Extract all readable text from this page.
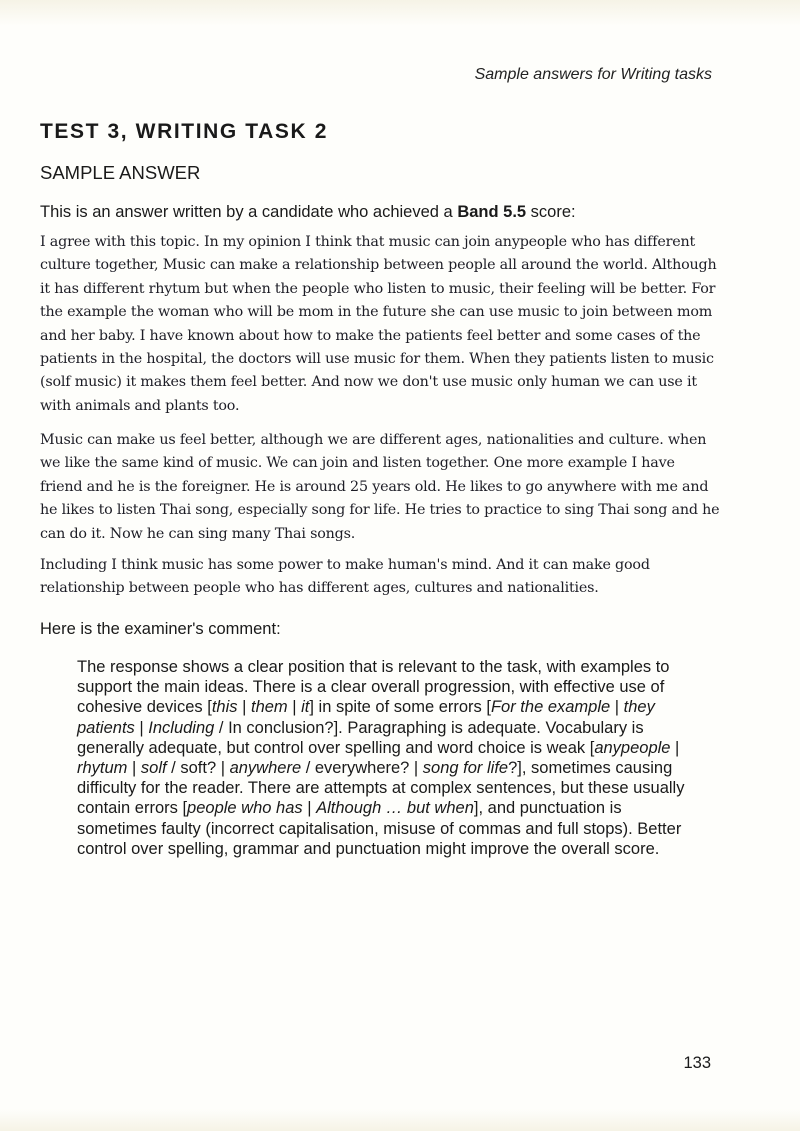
Sample answers for Writing tasks
TEST 3, WRITING TASK 2
SAMPLE ANSWER
This is an answer written by a candidate who achieved a Band 5.5 score:
I agree with this topic. In my opinion I think that music can join anypeople who has different culture together, Music can make a relationship between people all around the world. Although it has different rhytum but when the people who listen to music, their feeling will be better. For the example the woman who will be mom in the future she can use music to join between mom and her baby. I have known about how to make the patients feel better and some cases of the patients in the hospital, the doctors will use music for them. When they patients listen to music (solf music) it makes them feel better. And now we don't use music only human we can use it with animals and plants too.
Music can make us feel better, although we are different ages, nationalities and culture. when we like the same kind of music. We can join and listen together. One more example I have friend and he is the foreigner. He is around 25 years old. He likes to go anywhere with me and he likes to listen Thai song, especially song for life. He tries to practice to sing Thai song and he can do it. Now he can sing many Thai songs.
Including I think music has some power to make human's mind. And it can make good relationship between people who has different ages, cultures and nationalities.
Here is the examiner's comment:
The response shows a clear position that is relevant to the task, with examples to support the main ideas. There is a clear overall progression, with effective use of cohesive devices [this | them | it] in spite of some errors [For the example | they patients | Including / In conclusion?]. Paragraphing is adequate. Vocabulary is generally adequate, but control over spelling and word choice is weak [anypeople | rhytum | solf / soft? | anywhere / everywhere? | song for life?], sometimes causing difficulty for the reader. There are attempts at complex sentences, but these usually contain errors [people who has | Although … but when], and punctuation is sometimes faulty (incorrect capitalisation, misuse of commas and full stops). Better control over spelling, grammar and punctuation might improve the overall score.
133
